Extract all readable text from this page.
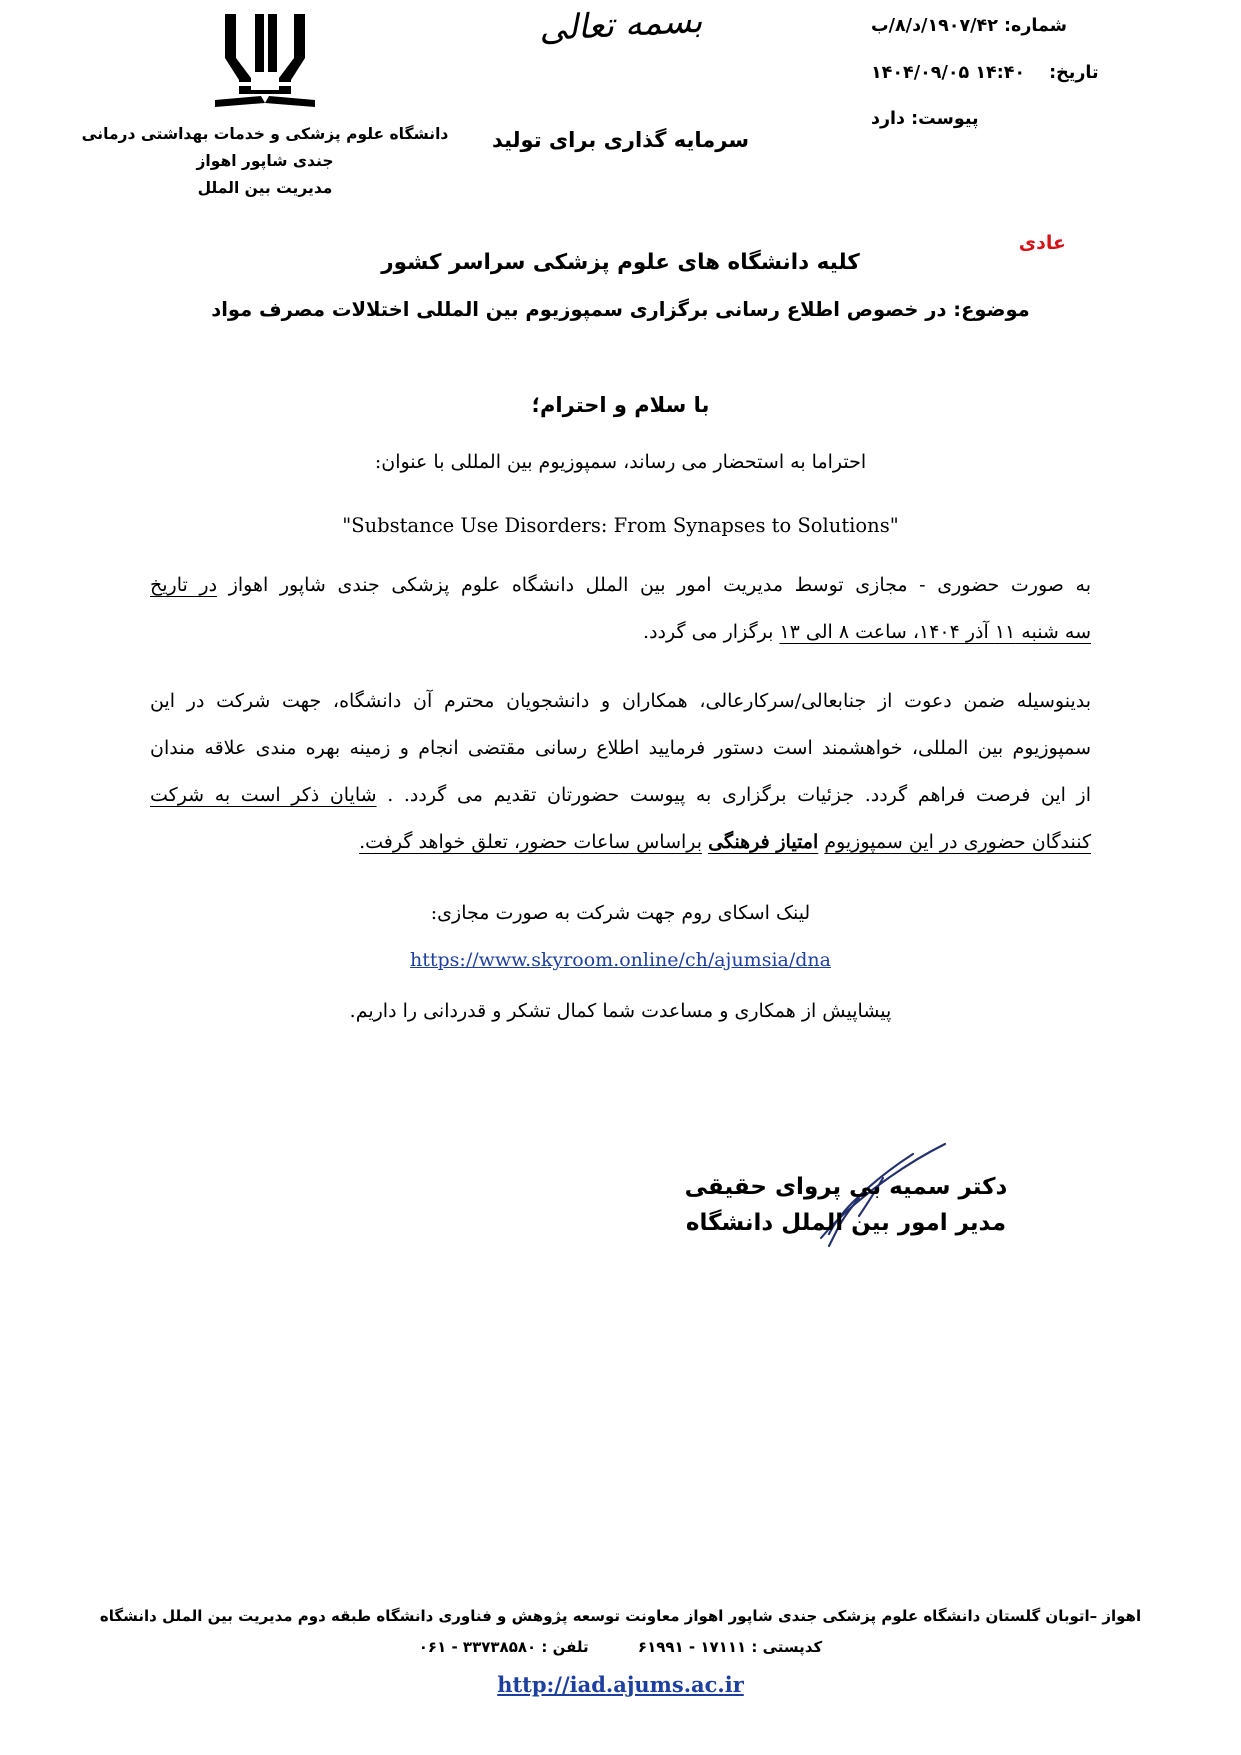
شماره: ۱۹۰۷/۴۲/د/۸/ب
تاریخ: ۱۴:۴۰ ۱۴۰۴/۰۹/۰۵
پیوست: دارد
بسمه تعالی
سرمایه گذاری برای تولید
دانشگاه علوم پزشکی و خدمات بهداشتی درمانی
جندی شاپور اهواز
مدیریت بین الملل
عادی
کلیه دانشگاه های علوم پزشکی سراسر کشور
موضوع: در خصوص اطلاع رسانی برگزاری سمپوزیوم بین المللی اختلالات مصرف مواد
با سلام و احترام؛
احتراما به استحضار می رساند، سمپوزیوم بین المللی با عنوان:
"Substance Use Disorders: From Synapses to Solutions"
به صورت حضوری - مجازی توسط مدیریت امور بین الملل دانشگاه علوم پزشکی جندی شاپور اهواز در تاریخ
سه شنبه ۱۱ آذر ۱۴۰۴، ساعت ۸ الی ۱۳ برگزار می گردد.
بدینوسیله ضمن دعوت از جنابعالی/سرکارعالی، همکاران و دانشجویان محترم آن دانشگاه، جهت شرکت در این
سمپوزیوم بین المللی، خواهشمند است دستور فرمایید اطلاع رسانی مقتضی انجام و زمینه بهره مندی علاقه مندان
از این فرصت فراهم گردد. جزئیات برگزاری به پیوست حضورتان تقدیم می گردد. . شایان ذکر است به شرکت
کنندگان حضوری در این سمپوزیوم امتیاز فرهنگی براساس ساعات حضور، تعلق خواهد گرفت.
لینک اسکای روم جهت شرکت به صورت مجازی:
https://www.skyroom.online/ch/ajumsia/dna
پیشاپیش از همکاری و مساعدت شما کمال تشکر و قدردانی را داریم.
دکتر سمیه بی پروای حقیقی
مدیر امور بین الملل دانشگاه
اهواز –اتوبان گلستان دانشگاه علوم پزشکی جندی شاپور اهواز معاونت توسعه پژوهش و فناوری دانشگاه طبقه دوم مدیریت بین الملل دانشگاه
کدپستی : ۱۷۱۱۱ - ۶۱۹۹۱ تلفن : ۳۳۷۳۸۵۸۰ - ۰۶۱
http://iad.ajums.ac.ir
